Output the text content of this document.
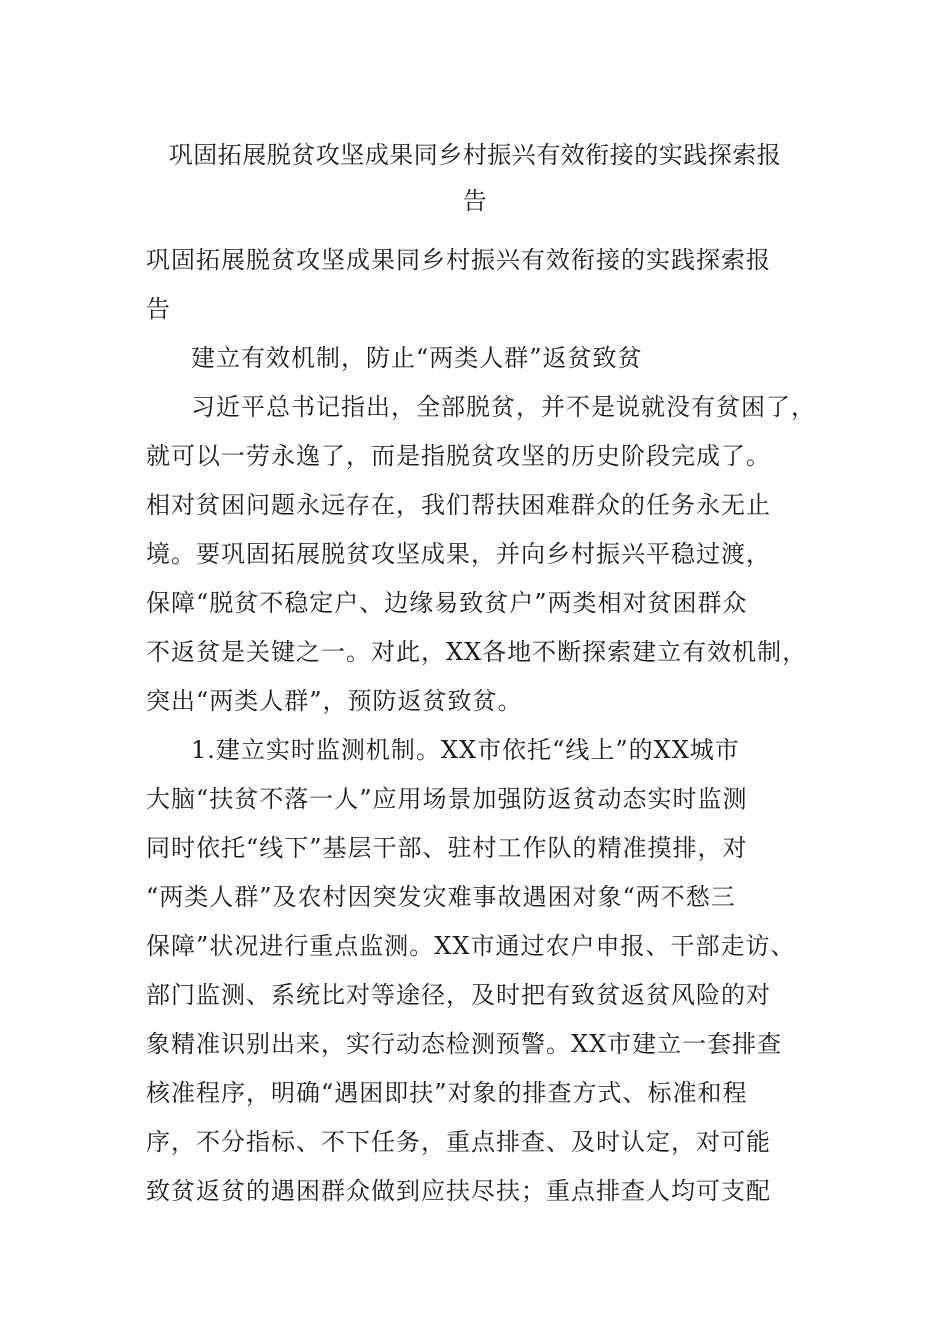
巩固拓展脱贫攻坚成果同乡村振兴有效衔接的实践探索报
告
巩固拓展脱贫攻坚成果同乡村振兴有效衔接的实践探索报
告
建立有效机制，防止“两类人群”返贫致贫
习近平总书记指出，全部脱贫，并不是说就没有贫困了，
就可以一劳永逸了，而是指脱贫攻坚的历史阶段完成了。
相对贫困问题永远存在，我们帮扶困难群众的任务永无止
境。要巩固拓展脱贫攻坚成果，并向乡村振兴平稳过渡，
保障“脱贫不稳定户、边缘易致贫户”两类相对贫困群众
不返贫是关键之一。对此，XX各地不断探索建立有效机制，
突出“两类人群”，预防返贫致贫。
1.建立实时监测机制。XX市依托“线上”的XX城市
大脑“扶贫不落一人”应用场景加强防返贫动态实时监测
同时依托“线下”基层干部、驻村工作队的精准摸排，对
“两类人群”及农村因突发灾难事故遇困对象“两不愁三
保障”状况进行重点监测。XX市通过农户申报、干部走访、
部门监测、系统比对等途径，及时把有致贫返贫风险的对
象精准识别出来，实行动态检测预警。XX市建立一套排查
核准程序，明确“遇困即扶”对象的排查方式、标准和程
序，不分指标、不下任务，重点排查、及时认定，对可能
致贫返贫的遇困群众做到应扶尽扶；重点排查人均可支配
